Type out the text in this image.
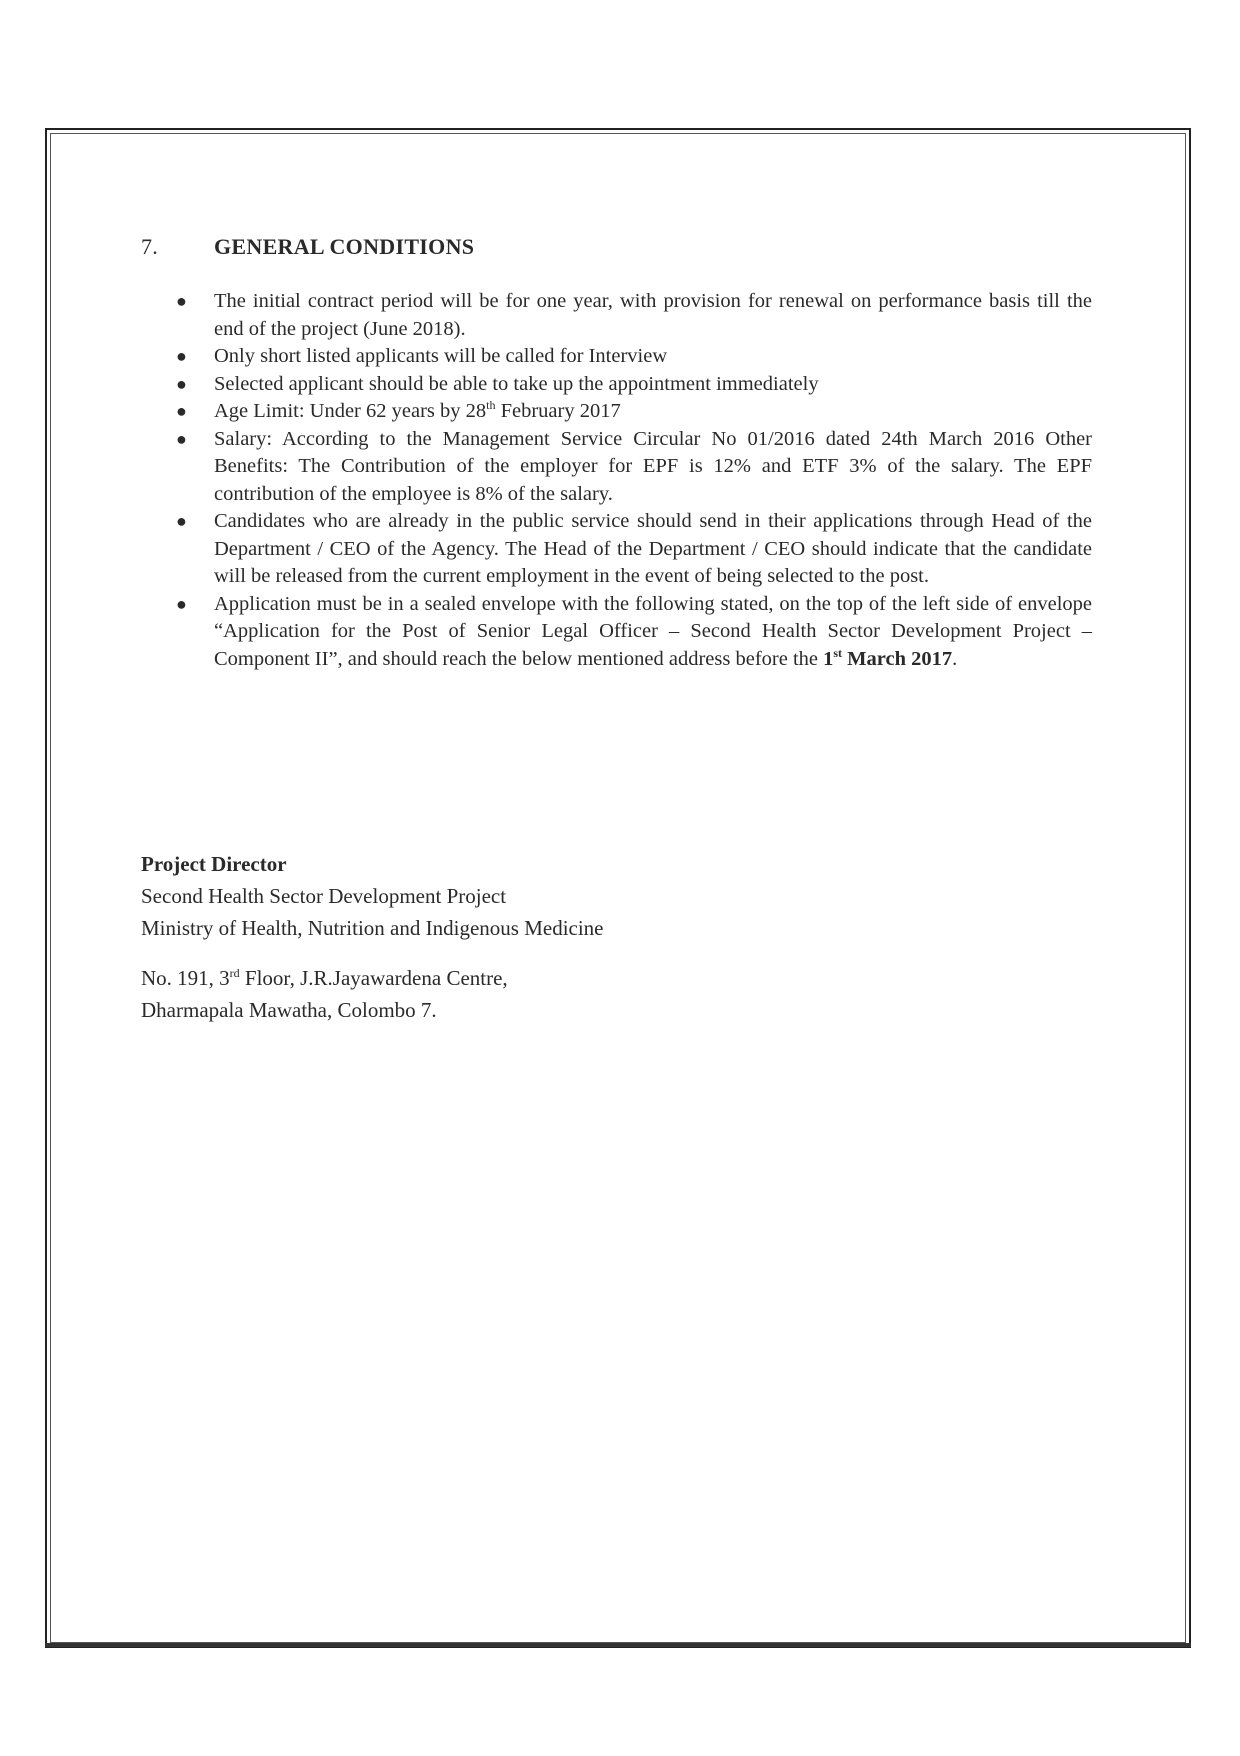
7.	GENERAL CONDITIONS
● The initial contract period will be for one year, with provision for renewal on performance basis till the end of the project (June 2018).
● Only short listed applicants will be called for Interview
● Selected applicant should be able to take up the appointment immediately
● Age Limit: Under 62 years by 28th February 2017
● Salary: According to the Management Service Circular No 01/2016 dated 24th March 2016 Other Benefits: The Contribution of the employer for EPF is 12% and ETF 3% of the salary. The EPF contribution of the employee is 8% of the salary.
● Candidates who are already in the public service should send in their applications through Head of the Department / CEO of the Agency. The Head of the Department / CEO should indicate that the candidate will be released from the current employment in the event of being selected to the post.
● Application must be in a sealed envelope with the following stated, on the top of the left side of envelope “Application for the Post of Senior Legal Officer – Second Health Sector Development Project – Component II”, and should reach the below mentioned address before the 1st March 2017.
Project Director
Second Health Sector Development Project
Ministry of Health, Nutrition and Indigenous Medicine
No. 191, 3rd Floor, J.R.Jayawardena Centre,
Dharmapala Mawatha, Colombo 7.
